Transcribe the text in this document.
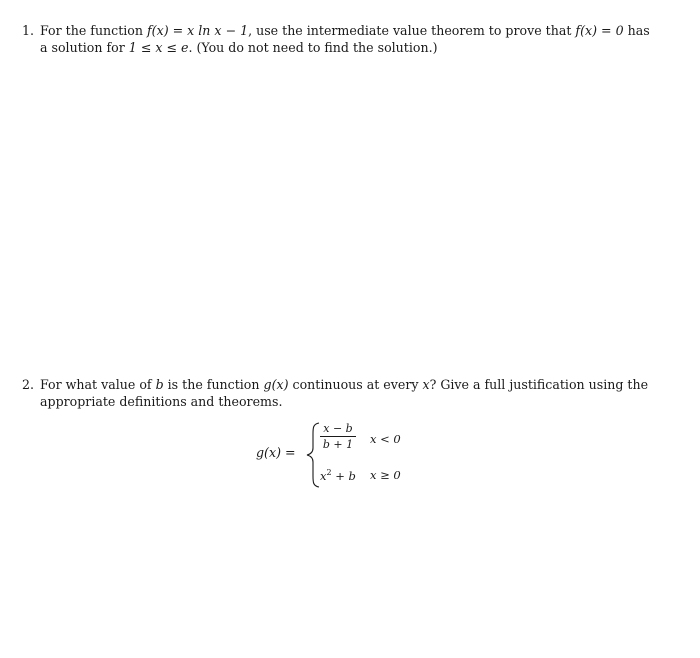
1. For the function f(x) = x ln x − 1, use the intermediate value theorem to prove that f(x) = 0 has
a solution for 1 ≤ x ≤ e. (You do not need to find the solution.)
2. For what value of b is the function g(x) continuous at every x? Give a full justification using the
appropriate definitions and theorems.
g(x) =
x − b
b + 1 x < 0
$x^2 + b$ x ≥ 0
